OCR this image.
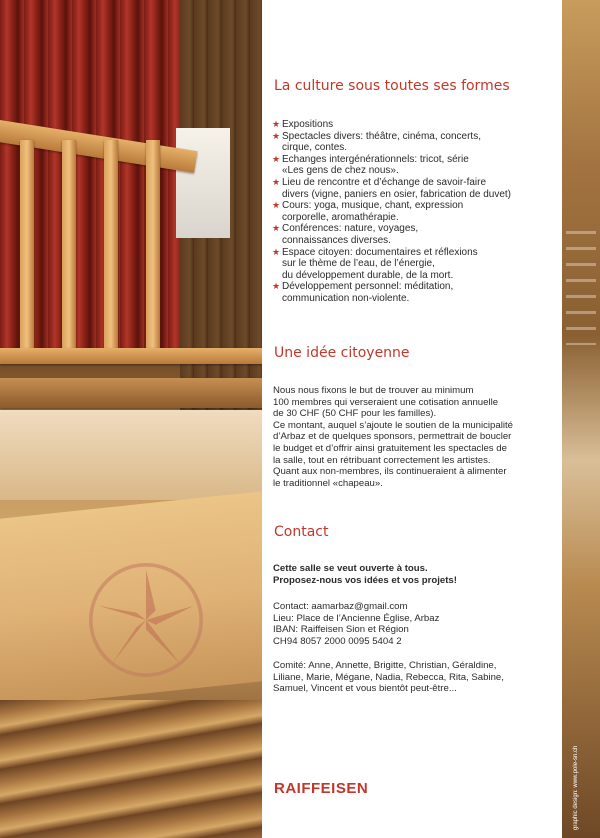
La culture sous toutes ses formes
★ Expositions
★ Spectacles divers: théâtre, cinéma, concerts,
cirque, contes.
★ Echanges intergénérationnels: tricot, série
«Les gens de chez nous».
★ Lieu de rencontre et d’échange de savoir-faire
divers (vigne, paniers en osier, fabrication de duvet)
★ Cours: yoga, musique, chant, expression
corporelle, aromathérapie.
★ Conférences: nature, voyages,
connaissances diverses.
★ Espace citoyen: documentaires et réflexions
sur le thème de l’eau, de l’énergie,
du développement durable, de la mort.
★ Développement personnel: méditation,
communication non-violente.
Une idée citoyenne

Nous nous fixons le but de trouver au minimum
100 membres qui verseraient une cotisation annuelle
de 30 CHF (50 CHF pour les familles).
Ce montant, auquel s’ajoute le soutien de la municipalité
d’Arbaz et de quelques sponsors, permettrait de boucler
le budget et d’offrir ainsi gratuitement les spectacles de
la salle, tout en rétribuant correctement les artistes.
Quant aux non-membres, ils continueraient à alimenter
le traditionnel «chapeau».

Contact

Cette salle se veut ouverte à tous.
Proposez-nous vos idées et vos projets!

Contact: aamarbaz@gmail.com
Lieu: Place de l’Ancienne Église, Arbaz
IBAN: Raiffeisen Sion et Région
CH94 8057 2000 0095 5404 2

Comité: Anne, Annette, Brigitte, Christian, Géraldine,
Liliane, Marie, Mégane, Nadia, Rebecca, Rita, Sabine,
Samuel, Vincent et vous bientôt peut-être...

RAIFFEISEN	graphic design: www.pole-sn.ch
